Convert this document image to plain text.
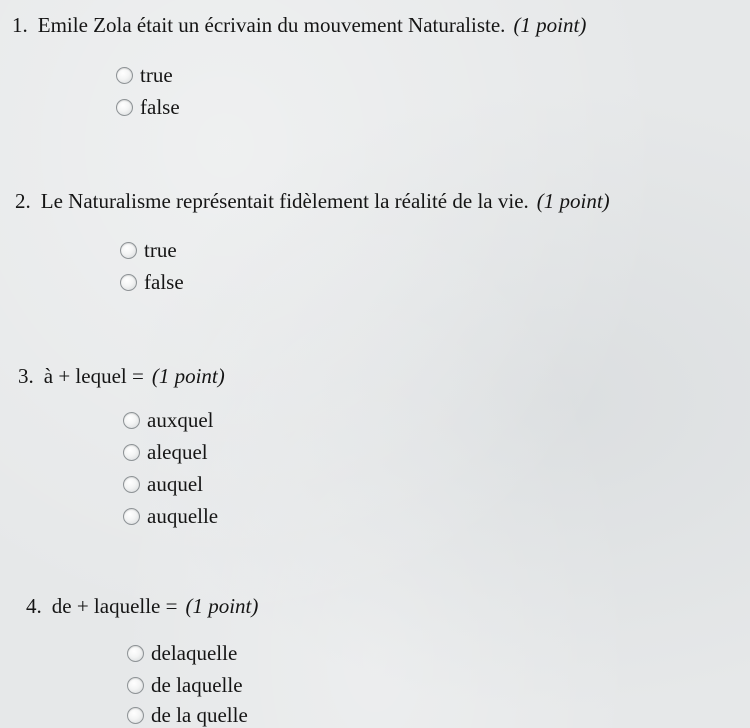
1. Emile Zola était un écrivain du mouvement Naturaliste. (1 point)
true
false
2. Le Naturalisme représentait fidèlement la réalité de la vie. (1 point)
true
false
3. à + lequel = (1 point)
auxquel
alequel
auquel
auquelle
4. de + laquelle = (1 point)
delaquelle
de laquelle
de la quelle
